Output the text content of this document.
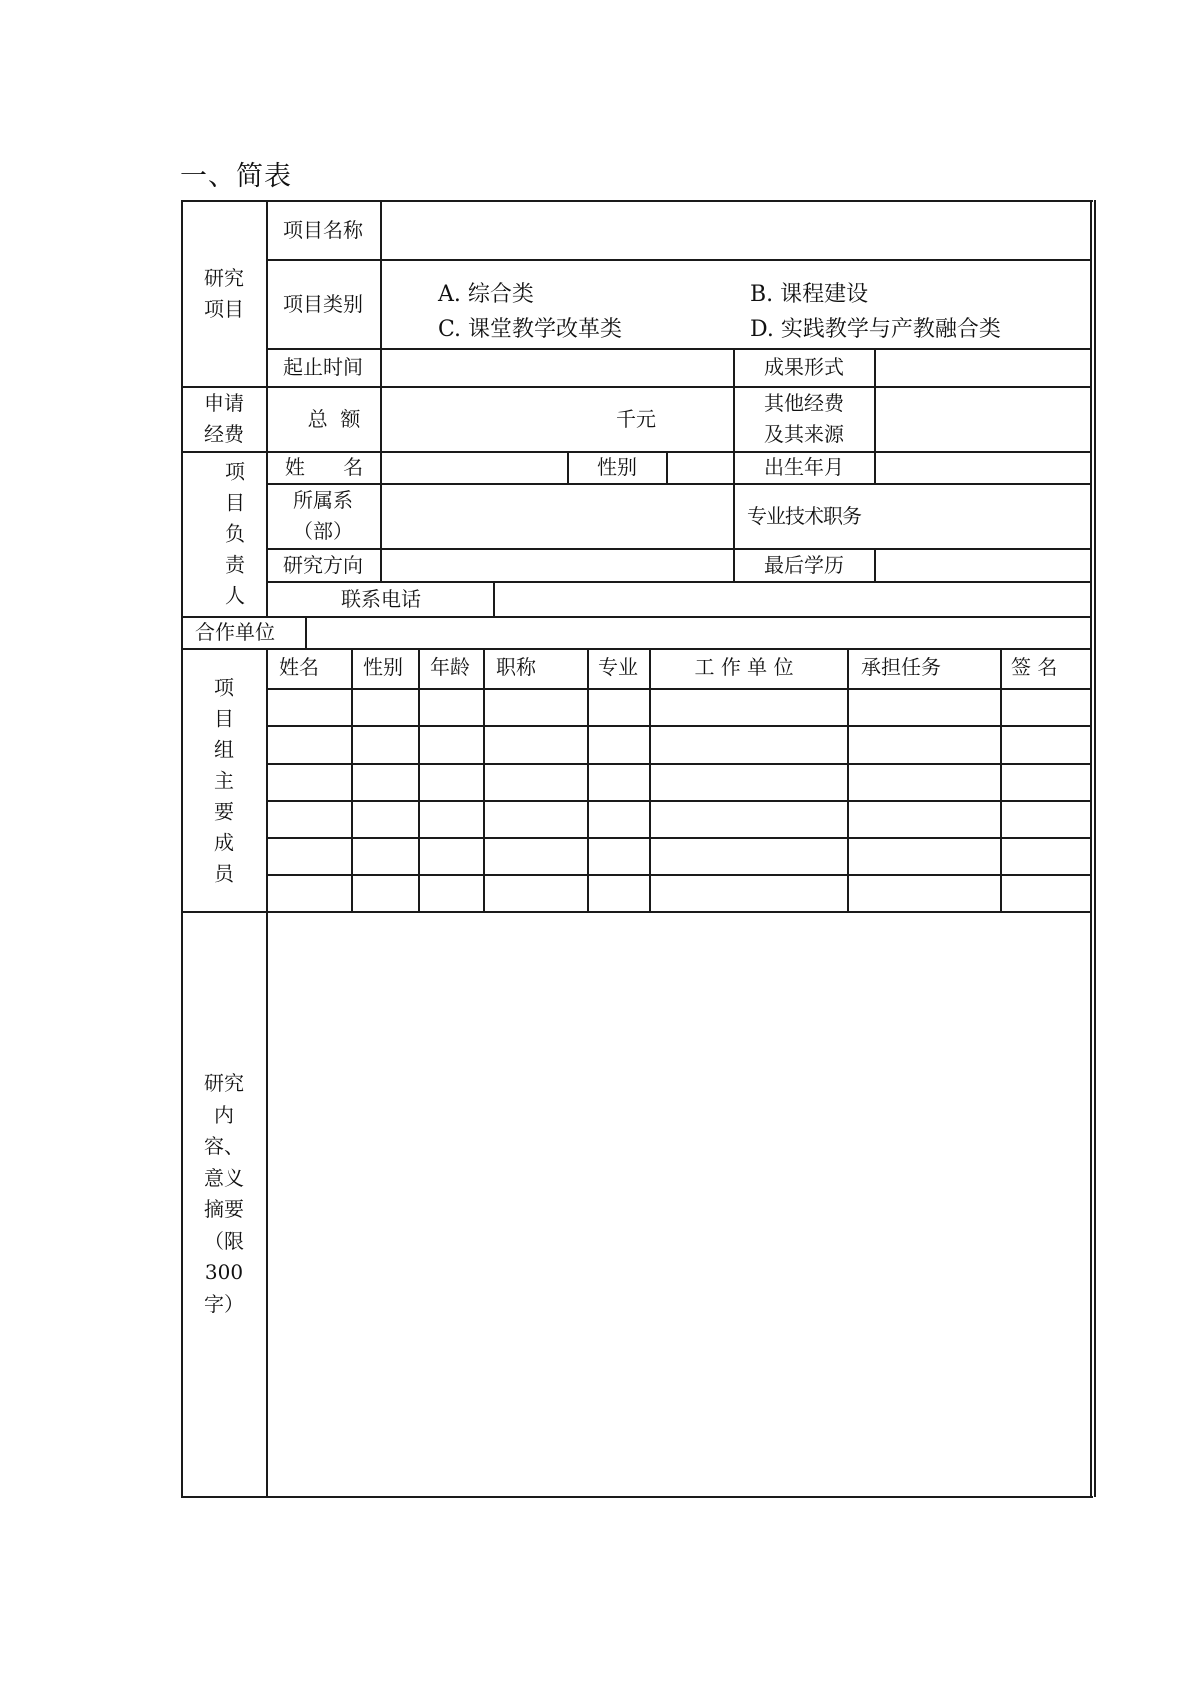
一、简表
研究
项目
项目名称
项目类别	A. 综合类	B. 课程建设
C. 课堂教学改革类	D. 实践教学与产教融合类
起止时间	成果形式
申请
经费
总  额	千元
其他经费
及其来源
项目负责人
姓      名	性别	出生年月
所属系
（部）
专业技术职务
研究方向	最后学历
联系电话
合作单位
项目组主要成员
姓名 性别 年龄 职称	专业	工 作 单 位	承担任务	签 名
研究内容、意义摘要（限300字）
